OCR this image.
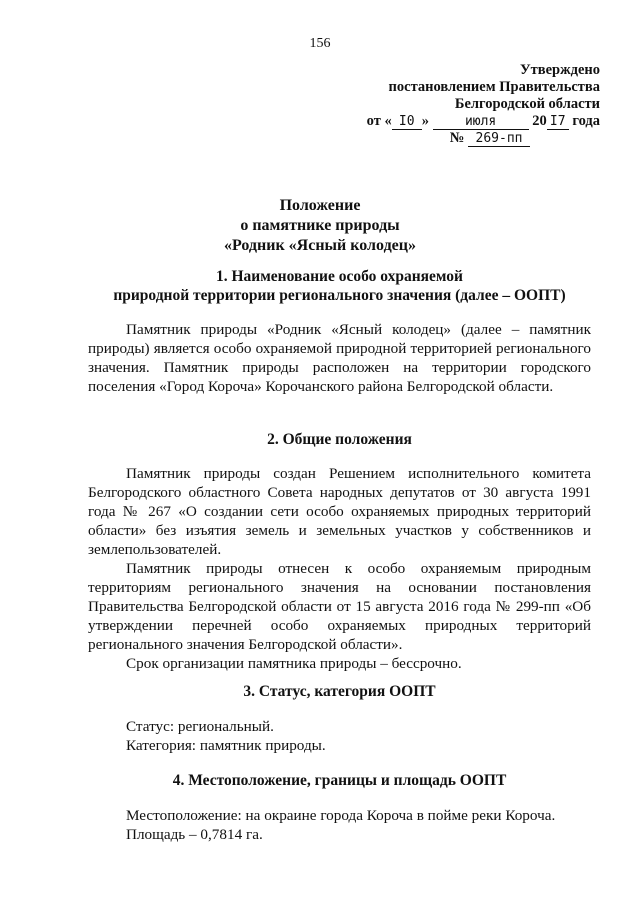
156
Утверждено
постановлением Правительства
Белгородской области
от « I0 »	июля 20 I7 года
№ 269-пп
Положение
о памятнике природы
«Родник «Ясный колодец»
1. Наименование особо охраняемой
природной территории регионального значения (далее – ООПТ)

Памятник природы «Родник «Ясный колодец» (далее – памятник природы) является особо охраняемой природной территорией регионального значения. Памятник природы расположен на территории городского поселения «Город Короча» Корочанского района Белгородской области.

2. Общие положения

Памятник природы создан Решением исполнительного комитета Белгородского областного Совета народных депутатов от 30 августа 1991 года № 267 «О создании сети особо охраняемых природных территорий области» без изъятия земель и земельных участков у собственников и землепользователей.

Памятник природы отнесен к особо охраняемым природным территориям регионального значения на основании постановления Правительства Белгородской области от 15 августа 2016 года № 299-пп «Об утверждении перечней особо охраняемых природных территорий регионального значения Белгородской области».

Срок организации памятника природы – бессрочно.

3. Статус, категория ООПТ

Статус: региональный.

Категория: памятник природы.

4. Местоположение, границы и площадь ООПТ

Местоположение: на окраине города Короча в пойме реки Короча.

Площадь – 0,7814 га.
